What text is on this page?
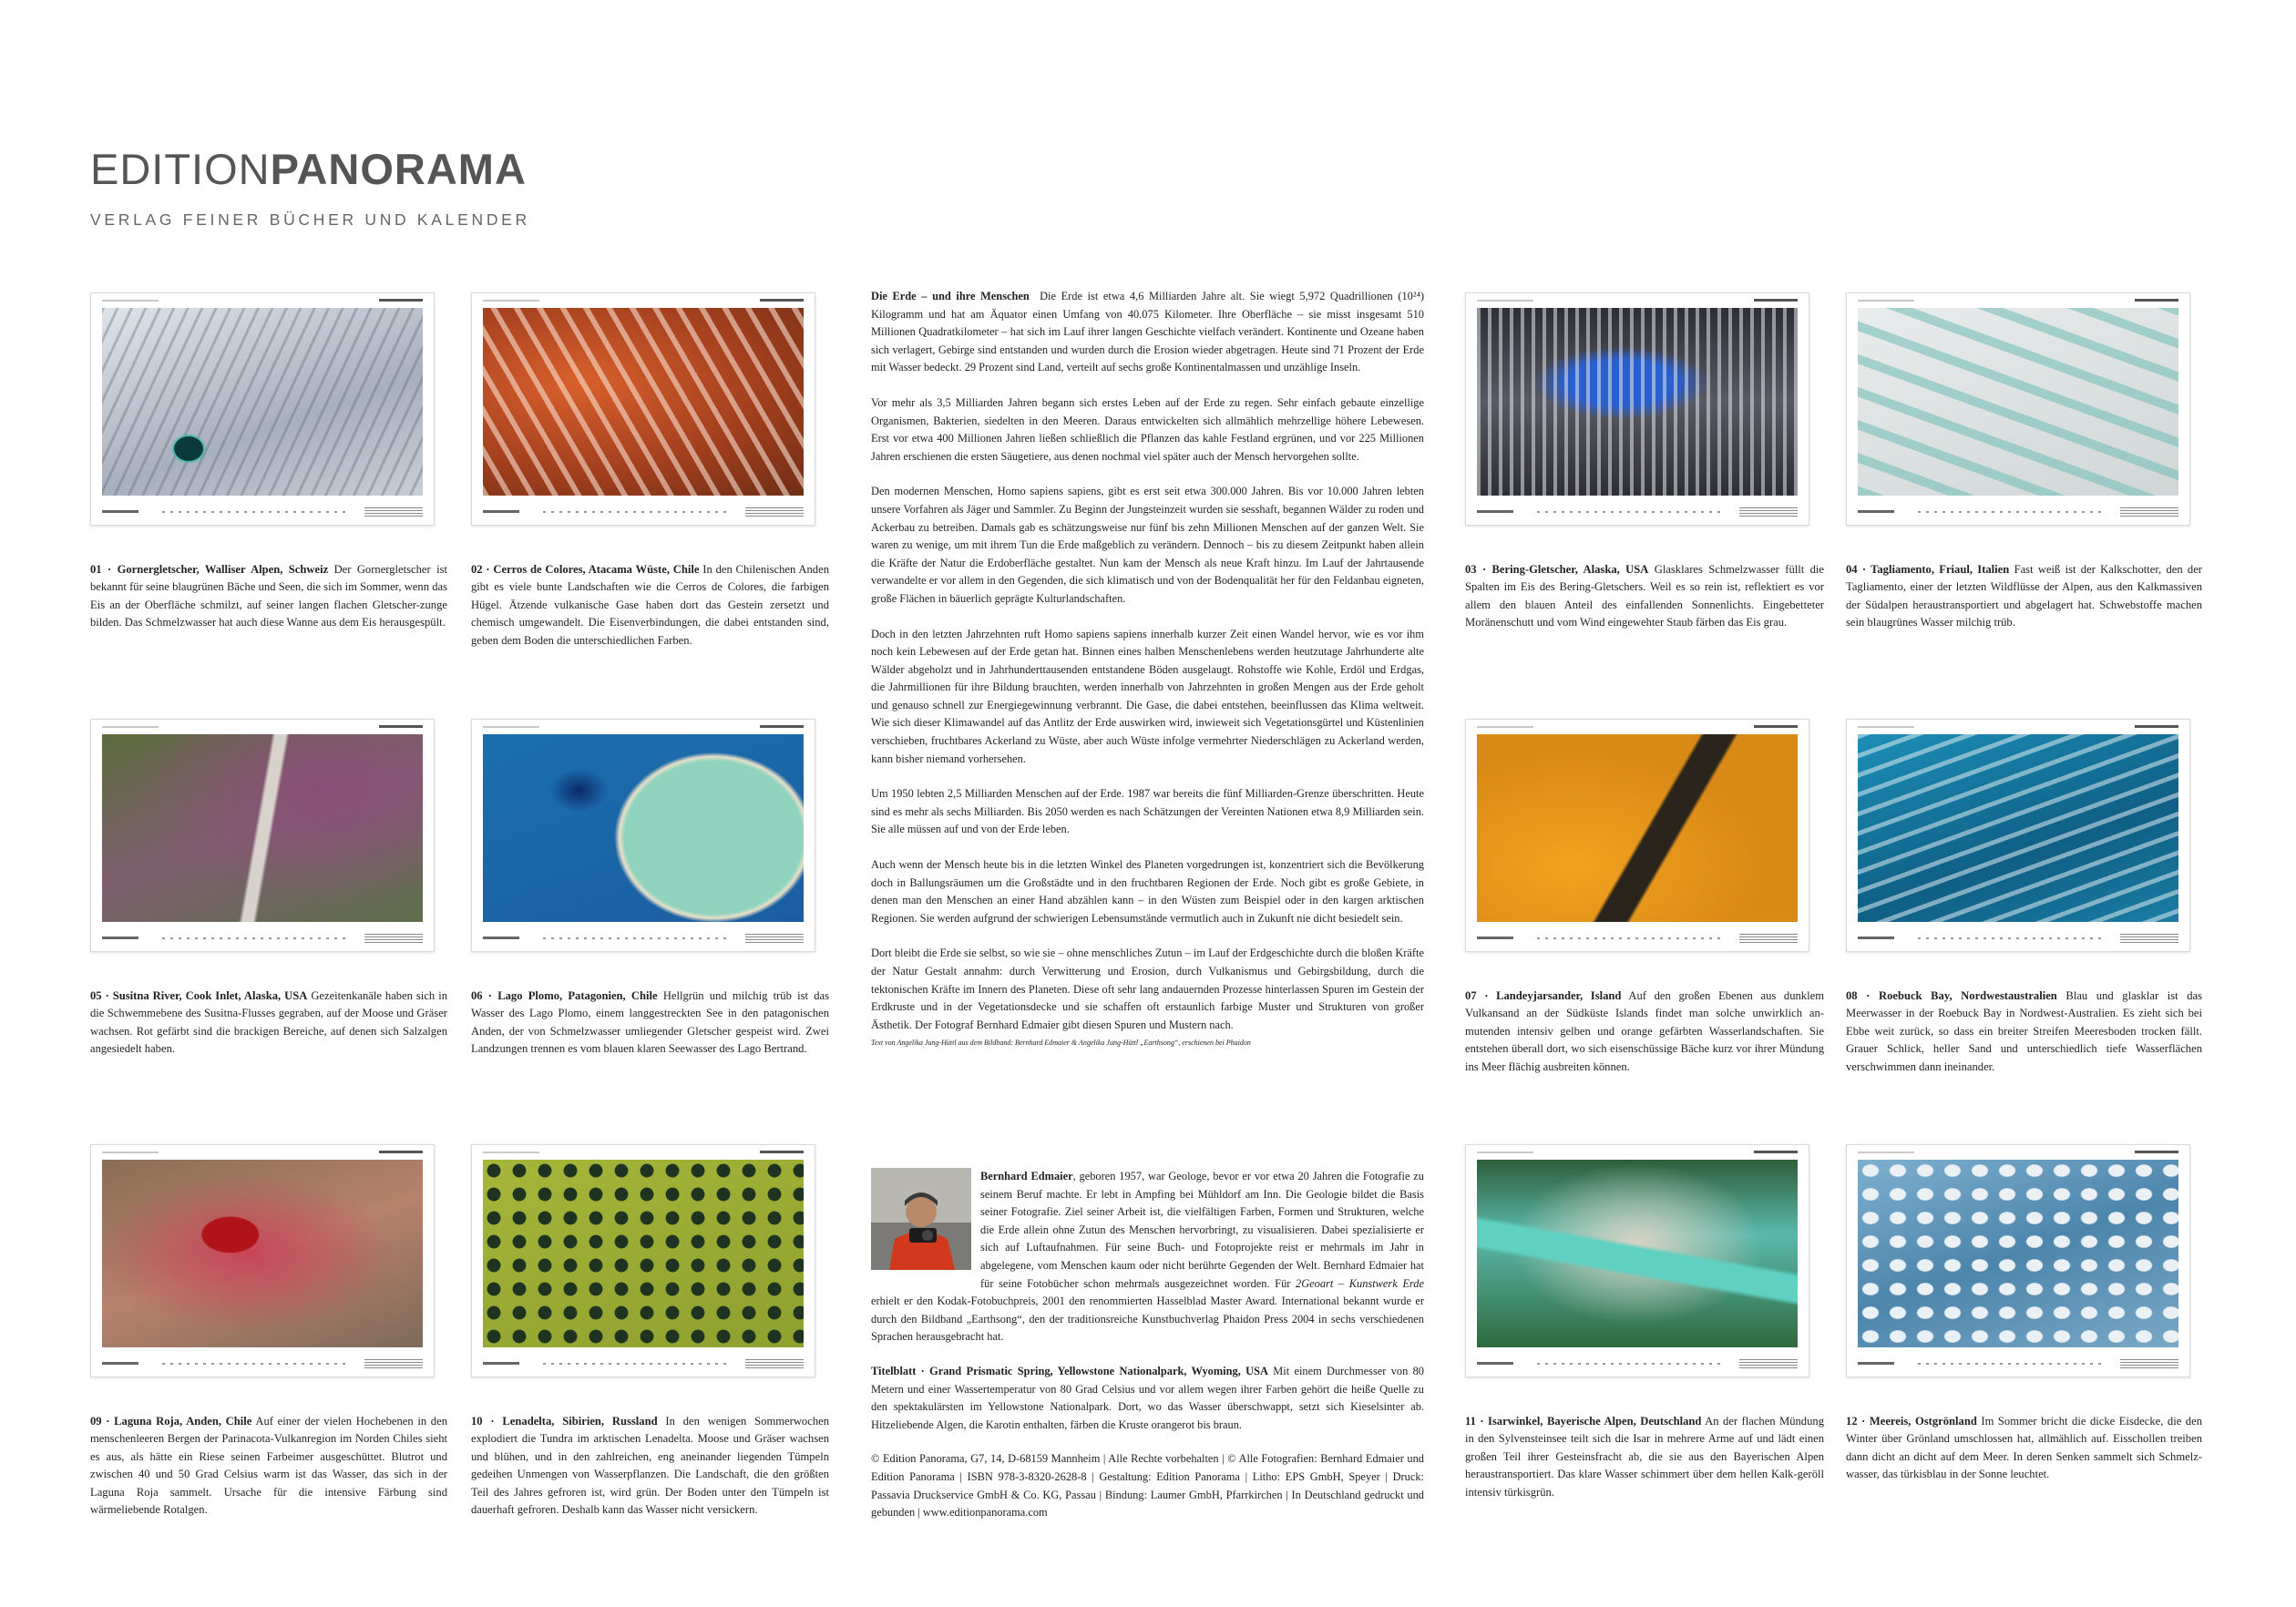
EDITIONPANORAMA
VERLAG FEINER BÜCHER UND KALENDER
01 · Gornergletscher, Walliser Alpen, Schweiz Der Gornergletscher ist bekannt für seine blaugrünen Bäche und Seen, die sich im Sommer, wenn das Eis an der Oberfläche schmilzt, auf seiner langen flachen Gletscher-zunge bilden. Das Schmelzwasser hat auch diese Wanne aus dem Eis herausgespült.
02 · Cerros de Colores, Atacama Wüste, Chile In den Chilenischen Anden gibt es viele bunte Landschaften wie die Cerros de Colores, die farbigen Hügel. Ätzende vulkanische Gase haben dort das Gestein zersetzt und chemisch umgewandelt. Die Eisenverbindungen, die dabei entstanden sind, geben dem Boden die unterschiedlichen Farben.
03 · Bering-Gletscher, Alaska, USA Glasklares Schmelzwasser füllt die Spalten im Eis des Bering-Gletschers. Weil es so rein ist, reflektiert es vor allem den blauen Anteil des einfallenden Sonnenlichts. Eingebetteter Moränenschutt und vom Wind eingewehter Staub färben das Eis grau.
04 · Tagliamento, Friaul, Italien Fast weiß ist der Kalkschotter, den der Tagliamento, einer der letzten Wildflüsse der Alpen, aus den Kalkmassiven der Südalpen heraustransportiert und abgelagert hat. Schwebstoffe machen sein blaugrünes Wasser milchig trüb.
05 · Susitna River, Cook Inlet, Alaska, USA Gezeitenkanäle haben sich in die Schwemmebene des Susitna-Flusses gegraben, auf der Moose und Gräser wachsen. Rot gefärbt sind die brackigen Bereiche, auf denen sich Salzalgen angesiedelt haben.
06 · Lago Plomo, Patagonien, Chile Hellgrün und milchig trüb ist das Wasser des Lago Plomo, einem langgestreckten See in den patagonischen Anden, der von Schmelzwasser umliegender Gletscher gespeist wird. Zwei Landzungen trennen es vom blauen klaren Seewasser des Lago Bertrand.
07 · Landeyjarsander, Island Auf den großen Ebenen aus dunklem Vulkansand an der Südküste Islands findet man solche unwirklich an-mutenden intensiv gelben und orange gefärbten Wasserlandschaften. Sie entstehen überall dort, wo sich eisenschüssige Bäche kurz vor ihrer Mündung ins Meer flächig ausbreiten können.
08 · Roebuck Bay, Nordwestaustralien Blau und glasklar ist das Meerwasser in der Roebuck Bay in Nordwest-Australien. Es zieht sich bei Ebbe weit zurück, so dass ein breiter Streifen Meeresboden trocken fällt. Grauer Schlick, heller Sand und unterschiedlich tiefe Wasserflächen verschwimmen dann ineinander.
09 · Laguna Roja, Anden, Chile Auf einer der vielen Hochebenen in den menschenleeren Bergen der Parinacota-Vulkanregion im Norden Chiles sieht es aus, als hätte ein Riese seinen Farbeimer ausgeschüttet. Blutrot und zwischen 40 und 50 Grad Celsius warm ist das Wasser, das sich in der Laguna Roja sammelt. Ursache für die intensive Färbung sind wärmeliebende Rotalgen.
10 · Lenadelta, Sibirien, Russland In den wenigen Sommerwochen explodiert die Tundra im arktischen Lenadelta. Moose und Gräser wachsen und blühen, und in den zahlreichen, eng aneinander liegenden Tümpeln gedeihen Unmengen von Wasserpflanzen. Die Landschaft, die den größten Teil des Jahres gefroren ist, wird grün. Der Boden unter den Tümpeln ist dauerhaft gefroren. Deshalb kann das Wasser nicht versickern.
11 · Isarwinkel, Bayerische Alpen, Deutschland An der flachen Mündung in den Sylvensteinsee teilt sich die Isar in mehrere Arme auf und lädt einen großen Teil ihrer Gesteinsfracht ab, die sie aus den Bayerischen Alpen heraustransportiert. Das klare Wasser schimmert über dem hellen Kalk-geröll intensiv türkisgrün.
12 · Meereis, Ostgrönland Im Sommer bricht die dicke Eisdecke, die den Winter über Grönland umschlossen hat, allmählich auf. Eisschollen treiben dann dicht an dicht auf dem Meer. In deren Senken sammelt sich Schmelz-wasser, das türkisblau in der Sonne leuchtet.

Die Erde – und ihre Menschen Die Erde ist etwa 4,6 Milliarden Jahre alt. Sie wiegt 5,972 Quadrillionen (10²⁴) Kilogramm und hat am Äquator einen Umfang von 40.075 Kilometer. Ihre Oberfläche – sie misst insgesamt 510 Millionen Quadratkilometer – hat sich im Lauf ihrer langen Geschichte vielfach verändert. Kontinente und Ozeane haben sich verlagert, Gebirge sind entstanden und wurden durch die Erosion wieder abgetragen. Heute sind 71 Prozent der Erde mit Wasser bedeckt. 29 Prozent sind Land, verteilt auf sechs große Kontinentalmassen und unzählige Inseln.

Vor mehr als 3,5 Milliarden Jahren begann sich erstes Leben auf der Erde zu regen. Sehr einfach gebaute einzellige Organismen, Bakterien, siedelten in den Meeren. Daraus entwickelten sich allmählich mehrzellige höhere Lebewesen. Erst vor etwa 400 Millionen Jahren ließen schließlich die Pflanzen das kahle Festland ergrünen, und vor 225 Millionen Jahren erschienen die ersten Säugetiere, aus denen nochmal viel später auch der Mensch hervorgehen sollte.

Den modernen Menschen, Homo sapiens sapiens, gibt es erst seit etwa 300.000 Jahren. Bis vor 10.000 Jahren lebten unsere Vorfahren als Jäger und Sammler. Zu Beginn der Jungsteinzeit wurden sie sesshaft, begannen Wälder zu roden und Ackerbau zu betreiben. Damals gab es schätzungsweise nur fünf bis zehn Millionen Menschen auf der ganzen Welt. Sie waren zu wenige, um mit ihrem Tun die Erde maßgeblich zu verändern. Dennoch – bis zu diesem Zeitpunkt haben allein die Kräfte der Natur die Erdoberfläche gestaltet. Nun kam der Mensch als neue Kraft hinzu. Im Lauf der Jahrtausende verwandelte er vor allem in den Gegenden, die sich klimatisch und von der Bodenqualität her für den Feldanbau eigneten, große Flächen in bäuerlich geprägte Kulturlandschaften.

Doch in den letzten Jahrzehnten ruft Homo sapiens sapiens innerhalb kurzer Zeit einen Wandel hervor, wie es vor ihm noch kein Lebewesen auf der Erde getan hat. Binnen eines halben Menschenlebens werden heutzutage Jahrhunderte alte Wälder abgeholzt und in Jahrhunderttausenden entstandene Böden ausgelaugt. Rohstoffe wie Kohle, Erdöl und Erdgas, die Jahrmillionen für ihre Bildung brauchten, werden innerhalb von Jahrzehnten in großen Mengen aus der Erde geholt und genauso schnell zur Energiegewinnung verbrannt. Die Gase, die dabei entstehen, beeinflussen das Klima weltweit. Wie sich dieser Klimawandel auf das Antlitz der Erde auswirken wird, inwieweit sich Vegetationsgürtel und Küstenlinien verschieben, fruchtbares Ackerland zu Wüste, aber auch Wüste infolge vermehrter Niederschlägen zu Ackerland werden, kann bisher niemand vorhersehen.

Um 1950 lebten 2,5 Milliarden Menschen auf der Erde. 1987 war bereits die fünf Milliarden-Grenze überschritten. Heute sind es mehr als sechs Milliarden. Bis 2050 werden es nach Schätzungen der Vereinten Nationen etwa 8,9 Milliarden sein. Sie alle müssen auf und von der Erde leben.

Auch wenn der Mensch heute bis in die letzten Winkel des Planeten vorgedrungen ist, konzentriert sich die Bevölkerung doch in Ballungsräumen um die Großstädte und in den fruchtbaren Regionen der Erde. Noch gibt es große Gebiete, in denen man den Menschen an einer Hand abzählen kann – in den Wüsten zum Beispiel oder in den kargen arktischen Regionen. Sie werden aufgrund der schwierigen Lebensumstände vermutlich auch in Zukunft nie dicht besiedelt sein.

Dort bleibt die Erde sie selbst, so wie sie – ohne menschliches Zutun – im Lauf der Erdgeschichte durch die bloßen Kräfte der Natur Gestalt annahm: durch Verwitterung und Erosion, durch Vulkanismus und Gebirgsbildung, durch die tektonischen Kräfte im Innern des Planeten. Diese oft sehr lang andauernden Prozesse hinterlassen Spuren im Gestein der Erdkruste und in der Vegetationsdecke und sie schaffen oft erstaunlich farbige Muster und Strukturen von großer Ästhetik. Der Fotograf Bernhard Edmaier gibt diesen Spuren und Mustern nach.

Text von Angelika Jung-Hüttl aus dem Bildband: Bernhard Edmaier & Angelika Jung-Hüttl „Earthsong“, erschienen bei Phaidon

Bernhard Edmaier, geboren 1957, war Geologe, bevor er vor etwa 20 Jahren die Fotografie zu seinem Beruf machte. Er lebt in Ampfing bei Mühldorf am Inn. Die Geologie bildet die Basis seiner Fotografie. Ziel seiner Arbeit ist, die vielfältigen Farben, Formen und Strukturen, welche die Erde allein ohne Zutun des Menschen hervorbringt, zu visualisieren. Dabei spezialisierte er sich auf Luftaufnahmen. Für seine Buch- und Fotoprojekte reist er mehrmals im Jahr in abgelegene, vom Menschen kaum oder nicht berührte Gegenden der Welt. Bernhard Edmaier hat für seine Fotobücher schon mehrmals ausgezeichnet worden. Für 2Geoart – Kunstwerk Erde erhielt er den Kodak-Fotobuchpreis, 2001 den renommierten Hasselblad Master Award. International bekannt wurde er durch den Bildband „Earthsong“, den der traditionsreiche Kunstbuchverlag Phaidon Press 2004 in sechs verschiedenen Sprachen herausgebracht hat.

Titelblatt · Grand Prismatic Spring, Yellowstone Nationalpark, Wyoming, USA Mit einem Durchmesser von 80 Metern und einer Wassertemperatur von 80 Grad Celsius und vor allem wegen ihrer Farben gehört die heiße Quelle zu den spektakulärsten im Yellowstone Nationalpark. Dort, wo das Wasser überschwappt, setzt sich Kieselsinter ab. Hitzeliebende Algen, die Karotin enthalten, färben die Kruste orangerot bis braun.

© Edition Panorama, G7, 14, D-68159 Mannheim | Alle Rechte vorbehalten | © Alle Fotografien: Bernhard Edmaier und Edition Panorama | ISBN 978-3-8320-2628-8 | Gestaltung: Edition Panorama | Litho: EPS GmbH, Speyer | Druck: Passavia Druckservice GmbH & Co. KG, Passau | Bindung: Laumer GmbH, Pfarrkirchen | In Deutschland gedruckt und gebunden | www.editionpanorama.com
